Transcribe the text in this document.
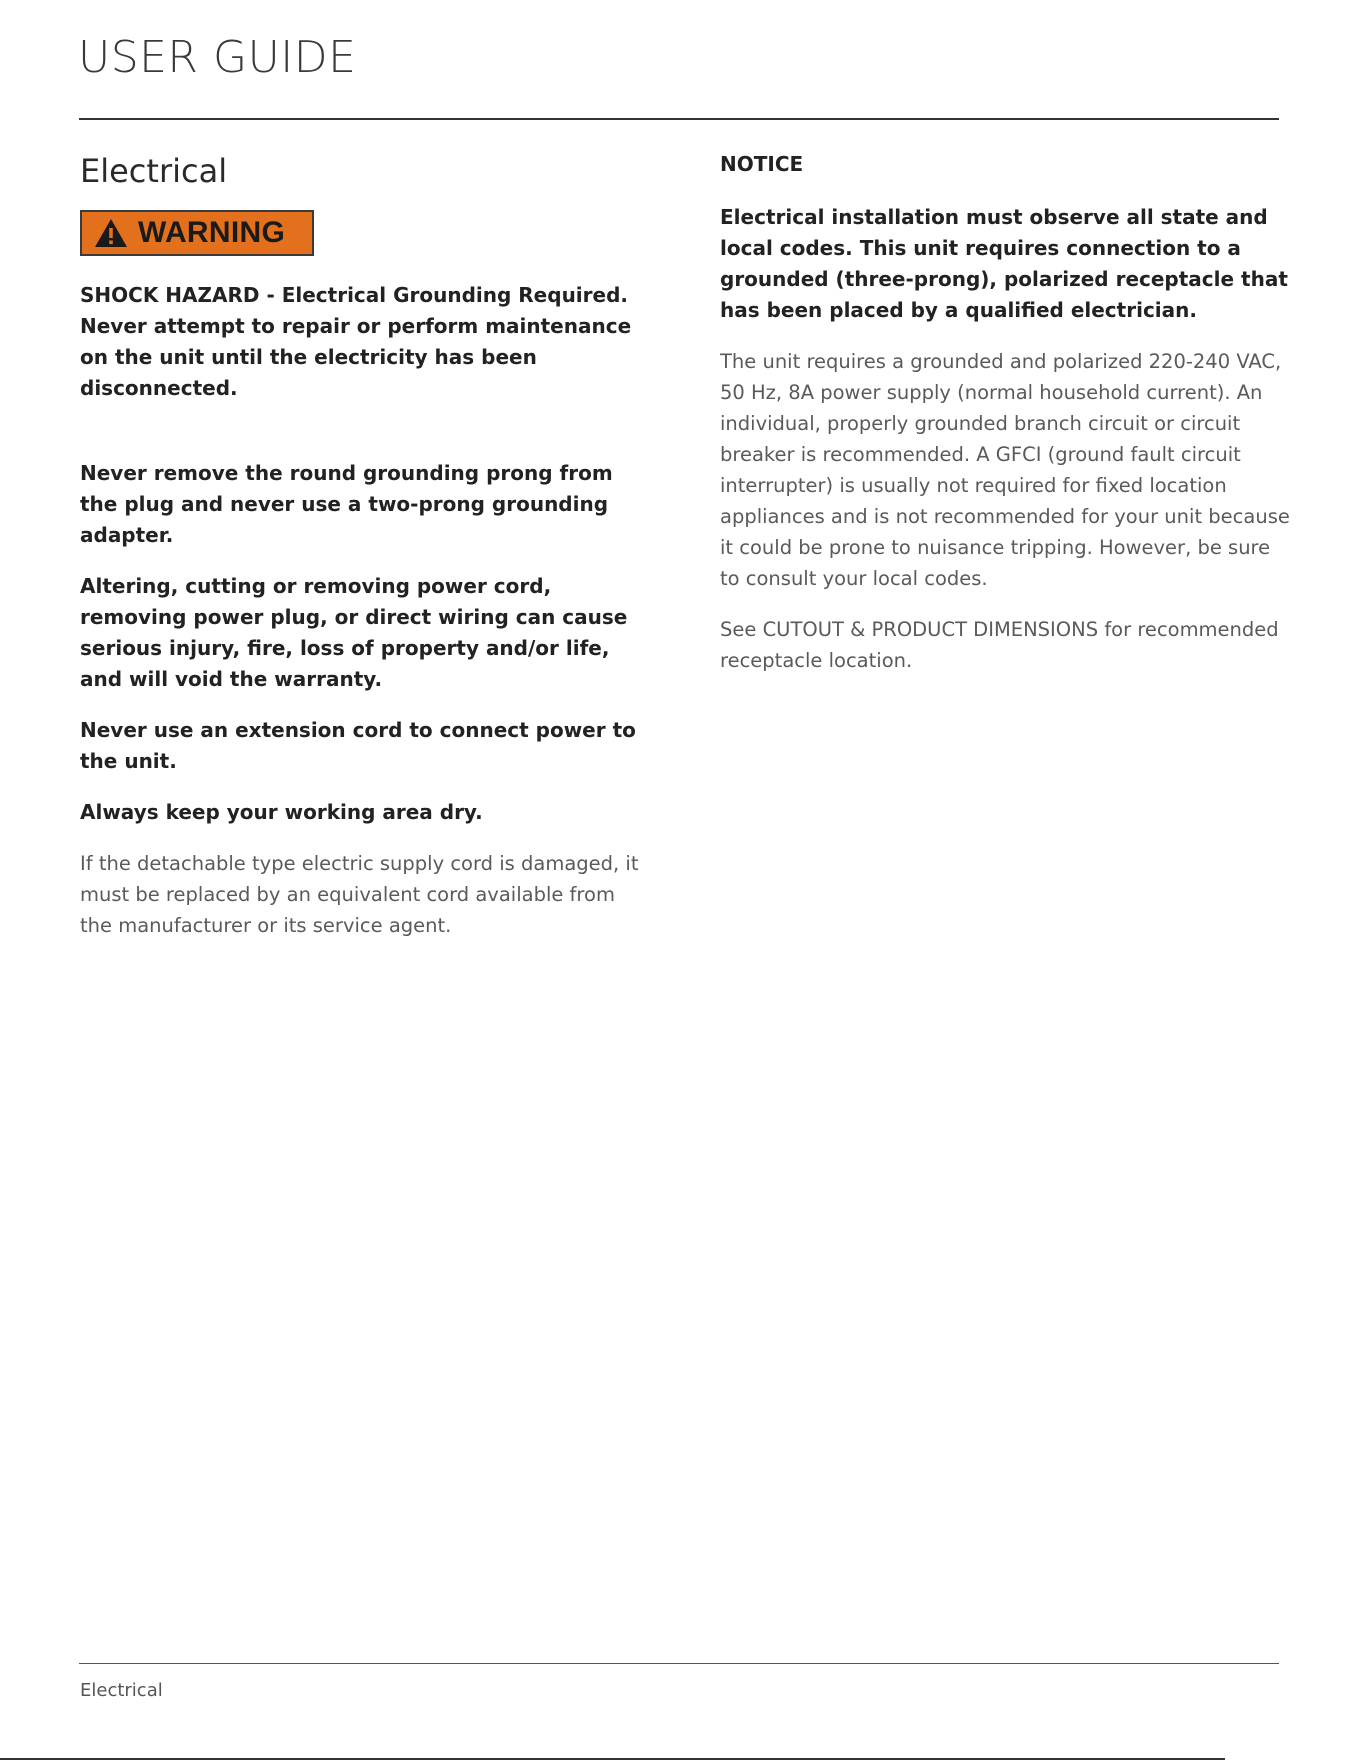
USER GUIDE
Electrical
WARNING

SHOCK HAZARD - Electrical Grounding Required. Never attempt to repair or perform maintenance on the unit until the electricity has been disconnected.

Never remove the round grounding prong from the plug and never use a two-prong grounding adapter.

Altering, cutting or removing power cord, removing power plug, or direct wiring can cause serious injury, fire, loss of property and/or life, and will void the warranty.

Never use an extension cord to connect power to the unit.

Always keep your working area dry.

If the detachable type electric supply cord is damaged, it must be replaced by an equivalent cord available from the manufacturer or its service agent.

NOTICE

Electrical installation must observe all state and local codes. This unit requires connection to a grounded (three-prong), polarized receptacle that has been placed by a qualified electrician.

The unit requires a grounded and polarized 220-240 VAC, 50 Hz, 8A power supply (normal household current). An individual, properly grounded branch circuit or circuit breaker is recommended. A GFCI (ground fault circuit interrupter) is usually not required for fixed location appliances and is not recommended for your unit because it could be prone to nuisance tripping. However, be sure to consult your local codes.

See CUTOUT & PRODUCT DIMENSIONS for recommended receptacle location.

Electrical
